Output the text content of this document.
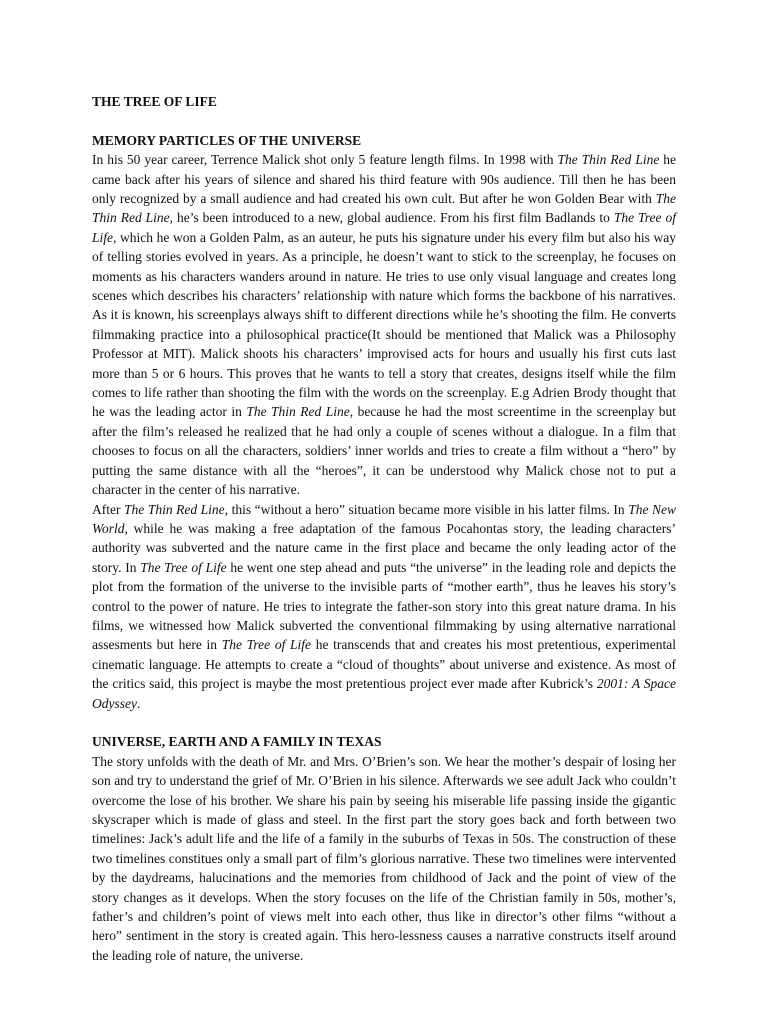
THE TREE OF LIFE
MEMORY PARTICLES OF THE UNIVERSE

In his 50 year career, Terrence Malick shot only 5 feature length films. In 1998 with The Thin Red Line he came back after his years of silence and shared his third feature with 90s audience. Till then he has been only recognized by a small audience and had created his own cult. But after he won Golden Bear with The Thin Red Line, he’s been introduced to a new, global audience. From his first film Badlands to The Tree of Life, which he won a Golden Palm, as an auteur, he puts his signature under his every film but also his way of telling stories evolved in years. As a principle, he doesn’t want to stick to the screenplay, he focuses on moments as his characters wanders around in nature. He tries to use only visual language and creates long scenes which describes his characters’ relationship with nature which forms the backbone of his narratives. As it is known, his screenplays always shift to different directions while he’s shooting the film. He converts filmmaking practice into a philosophical practice(It should be mentioned that Malick was a Philosophy Professor at MIT). Malick shoots his characters’ improvised acts for hours and usually his first cuts last more than 5 or 6 hours. This proves that he wants to tell a story that creates, designs itself while the film comes to life rather than shooting the film with the words on the screenplay. E.g Adrien Brody thought that he was the leading actor in The Thin Red Line, because he had the most screentime in the screenplay but after the film’s released he realized that he had only a couple of scenes without a dialogue. In a film that chooses to focus on all the characters, soldiers’ inner worlds and tries to create a film without a “hero” by putting the same distance with all the “heroes”, it can be understood why Malick chose not to put a character in the center of his narrative.

After The Thin Red Line, this “without a hero” situation became more visible in his latter films. In The New World, while he was making a free adaptation of the famous Pocahontas story, the leading characters’ authority was subverted and the nature came in the first place and became the only leading actor of the story. In The Tree of Life he went one step ahead and puts “the universe” in the leading role and depicts the plot from the formation of the universe to the invisible parts of “mother earth”, thus he leaves his story’s control to the power of nature. He tries to integrate the father-son story into this great nature drama. In his films, we witnessed how Malick subverted the conventional filmmaking by using alternative narrational assesments but here in The Tree of Life he transcends that and creates his most pretentious, experimental cinematic language. He attempts to create a “cloud of thoughts” about universe and existence. As most of the critics said, this project is maybe the most pretentious project ever made after Kubrick’s 2001: A Space Odyssey.

UNIVERSE, EARTH AND A FAMILY IN TEXAS

The story unfolds with the death of Mr. and Mrs. O’Brien’s son. We hear the mother’s despair of losing her son and try to understand the grief of Mr. O’Brien in his silence. Afterwards we see adult Jack who couldn’t overcome the lose of his brother. We share his pain by seeing his miserable life passing inside the gigantic skyscraper which is made of glass and steel. In the first part the story goes back and forth between two timelines: Jack’s adult life and the life of a family in the suburbs of Texas in 50s. The construction of these two timelines constitues only a small part of film’s glorious narrative. These two timelines were intervented by the daydreams, halucinations and the memories from childhood of Jack and the point of view of the story changes as it develops. When the story focuses on the life of the Christian family in 50s, mother’s, father’s and children’s point of views melt into each other, thus like in director’s other films “without a hero” sentiment in the story is created again. This hero-lessness causes a narrative constructs itself around the leading role of nature, the universe.
